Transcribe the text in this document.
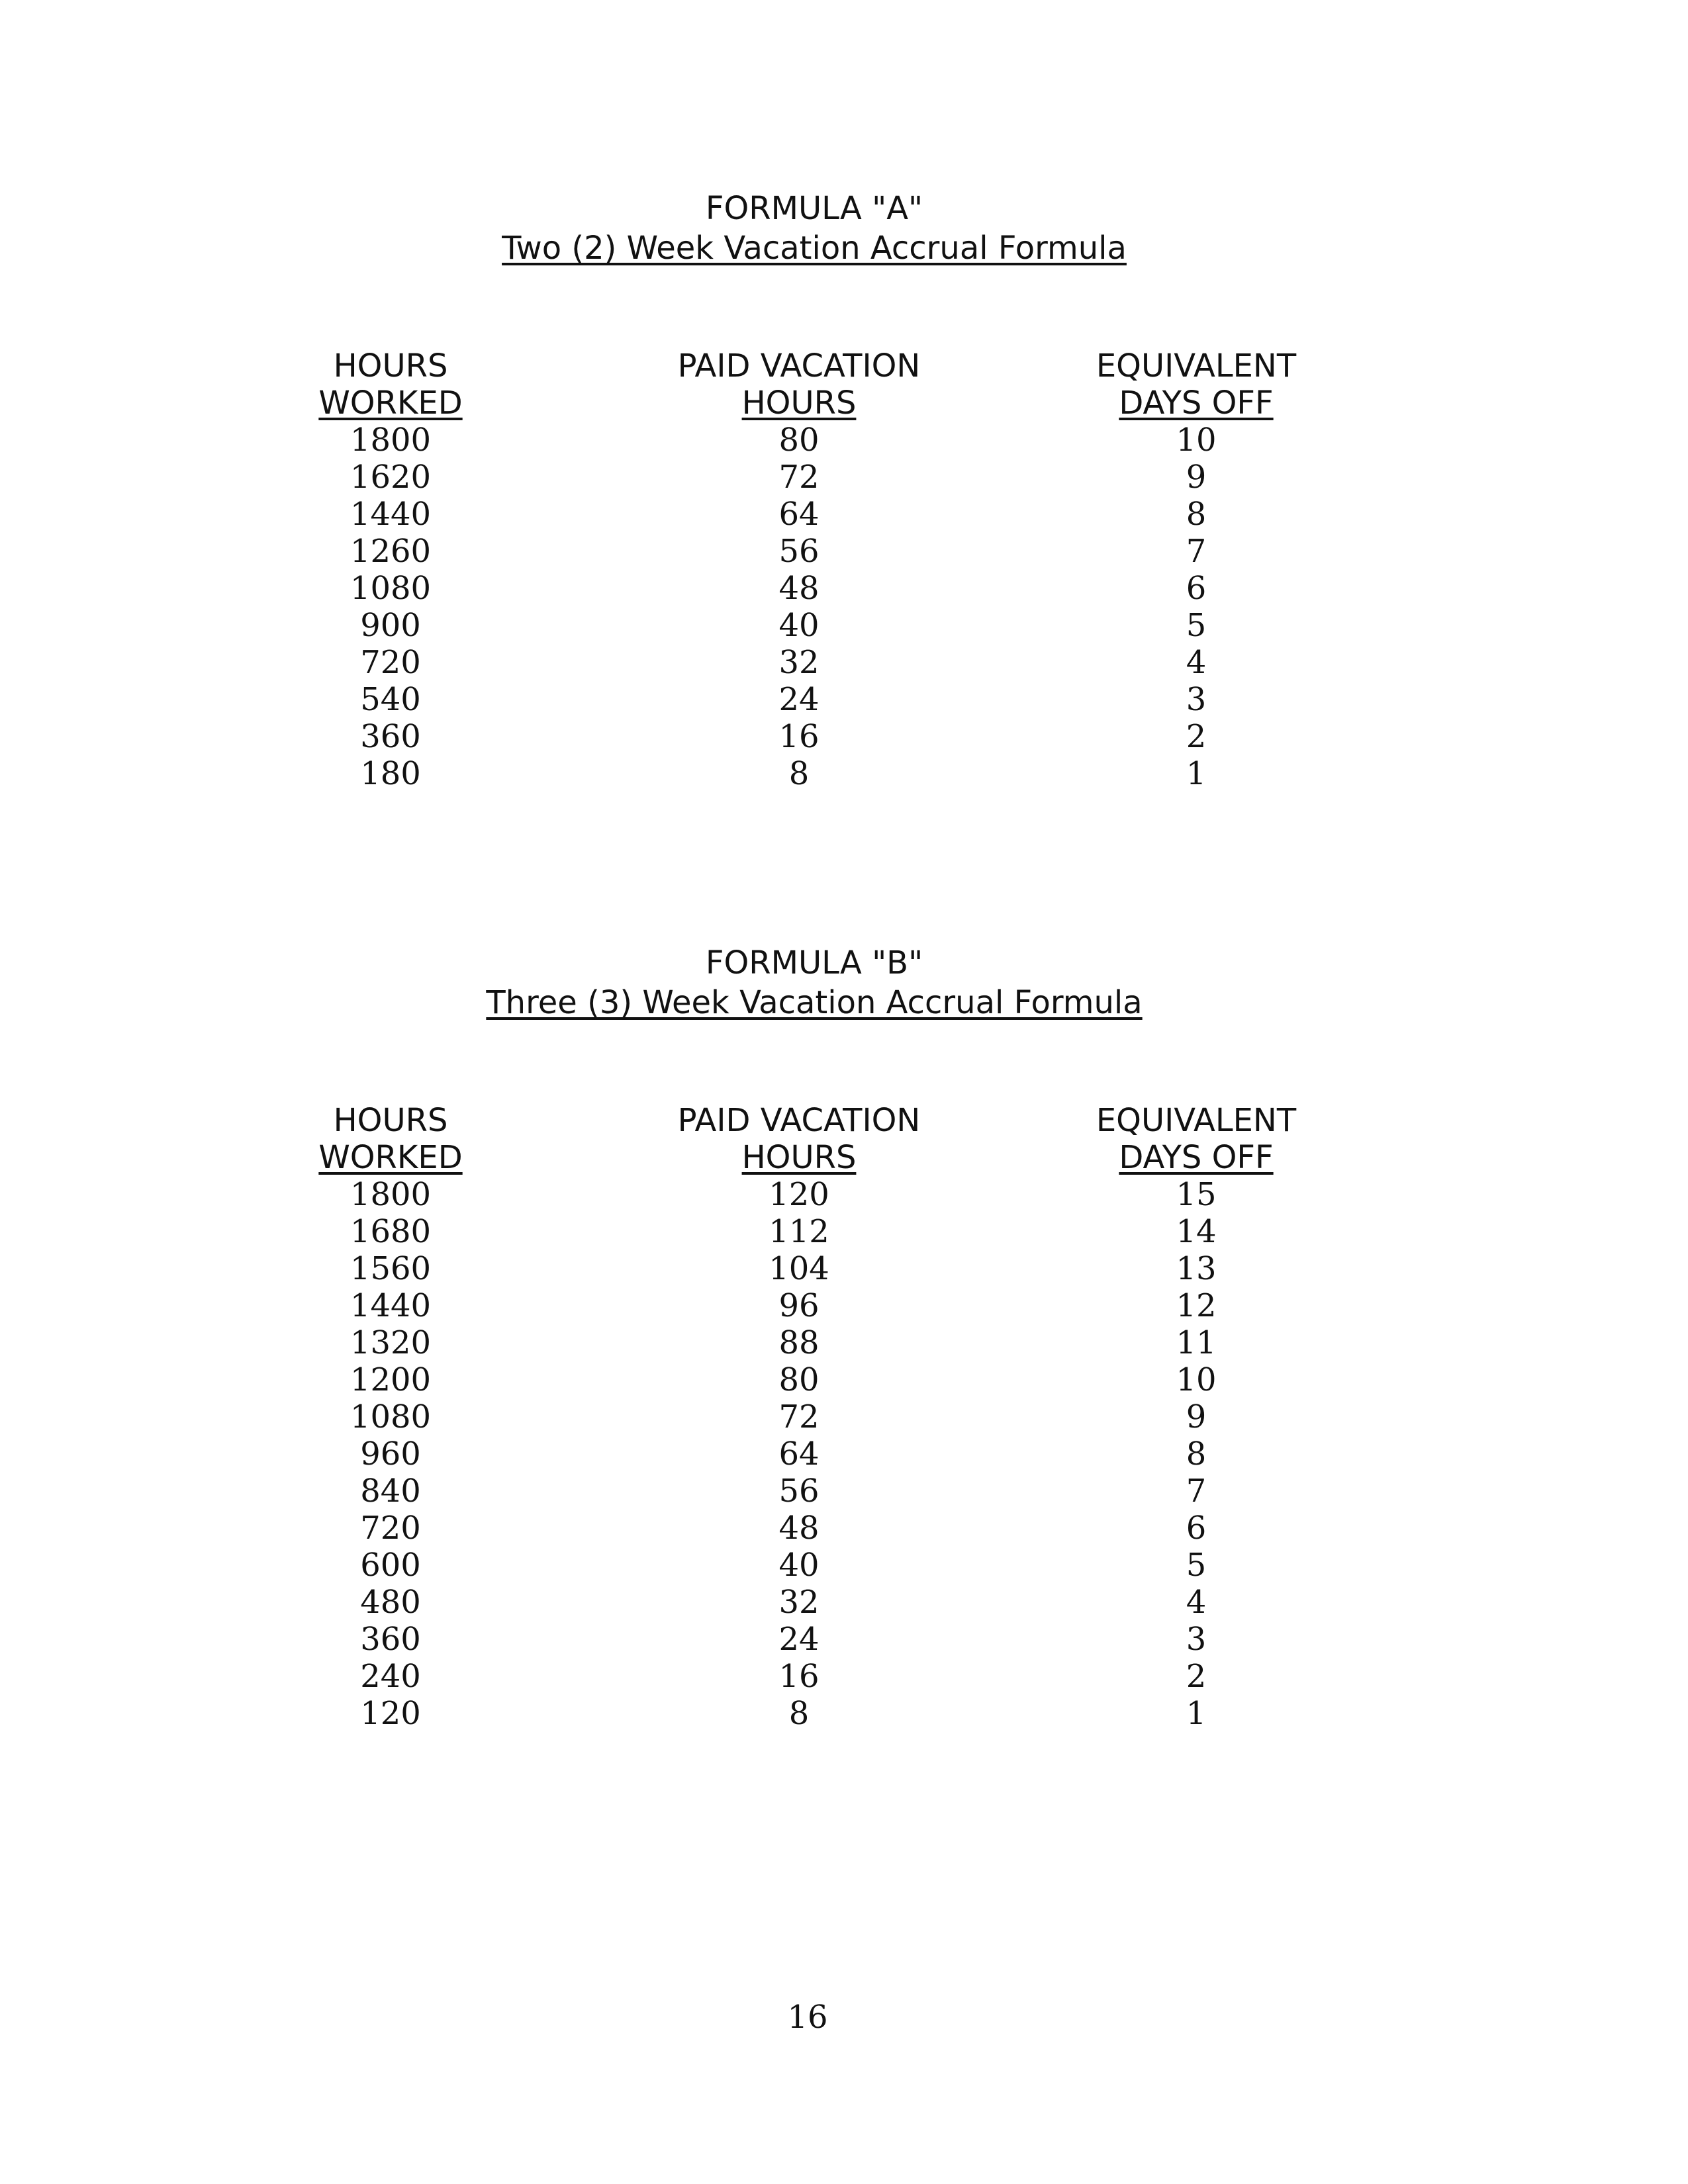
FORMULA "A"
Two (2) Week Vacation Accrual Formula
HOURS
WORKED
1800
1620
1440
1260
1080
900
720
540
360
180
PAID VACATION
HOURS
80
72
64
56
48
40
32
24
16
8
EQUIVALENT
DAYS OFF
10
9
8
7
6
5
4
3
2
1
FORMULA "B"
Three (3) Week Vacation Accrual Formula
HOURS
WORKED
1800
1680
1560
1440
1320
1200
1080
960
840
720
600
480
360
240
120
PAID VACATION
HOURS
120
112
104
96
88
80
72
64
56
48
40
32
24
16
8
EQUIVALENT
DAYS OFF
15
14
13
12
11
10
9
8
7
6
5
4
3
2
1
16
